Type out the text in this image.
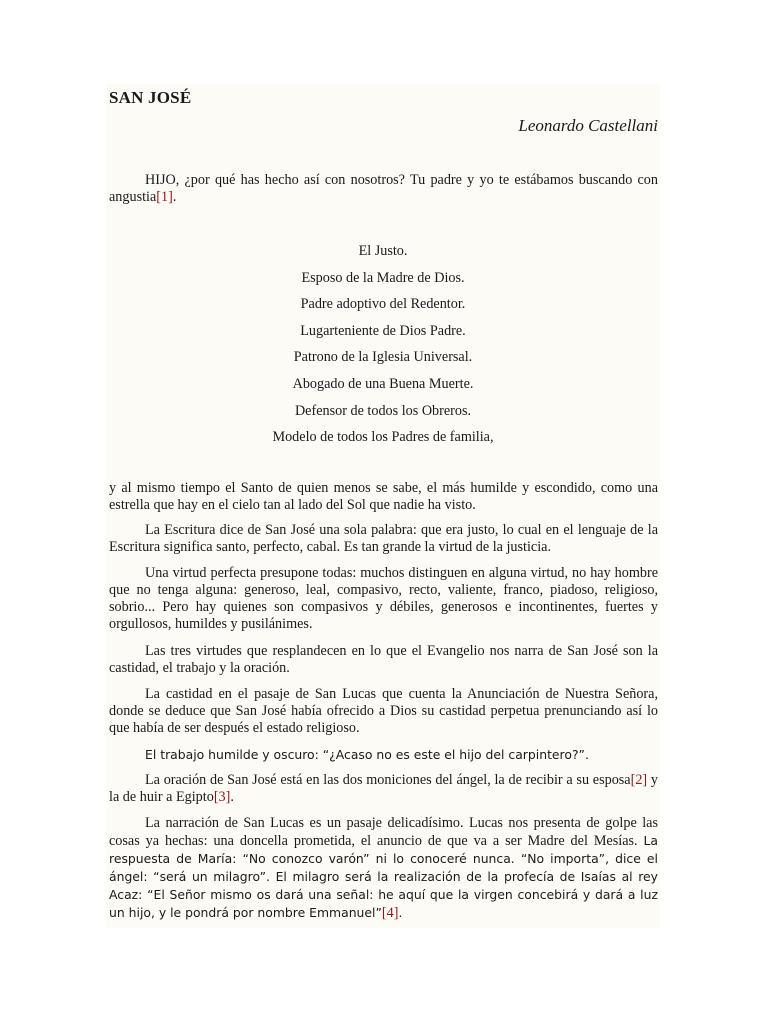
SAN JOSÉ
Leonardo Castellani
HIJO, ¿por qué has hecho así con nosotros? Tu padre y yo te estábamos buscando con angustia[1].
El Justo.
Esposo de la Madre de Dios.
Padre adoptivo del Redentor.
Lugarteniente de Dios Padre.
Patrono de la Iglesia Universal.
Abogado de una Buena Muerte.
Defensor de todos los Obreros.
Modelo de todos los Padres de familia,
y al mismo tiempo el Santo de quien menos se sabe, el más humilde y escondido, como una estrella que hay en el cielo tan al lado del Sol que nadie ha visto.
La Escritura dice de San José una sola palabra: que era justo, lo cual en el lenguaje de la Escritura significa santo, perfecto, cabal. Es tan grande la virtud de la justicia.
Una virtud perfecta presupone todas: muchos distinguen en alguna virtud, no hay hombre que no tenga alguna: generoso, leal, compasivo, recto, valiente, franco, piadoso, religioso, sobrio... Pero hay quienes son compasivos y débiles, generosos e incontinentes, fuertes y orgullosos, humildes y pusilánimes.
Las tres virtudes que resplandecen en lo que el Evangelio nos narra de San José son la castidad, el trabajo y la oración.
La castidad en el pasaje de San Lucas que cuenta la Anunciación de Nuestra Señora, donde se deduce que San José había ofrecido a Dios su castidad perpetua prenunciando así lo que había de ser después el estado religioso.
El trabajo humilde y oscuro: “¿Acaso no es este el hijo del carpintero?”.
La oración de San José está en las dos moniciones del ángel, la de recibir a su esposa[2] y la de huir a Egipto[3].
La narración de San Lucas es un pasaje delicadísimo. Lucas nos presenta de golpe las cosas ya hechas: una doncella prometida, el anuncio de que va a ser Madre del Mesías. La respuesta de María: “No conozco varón” ni lo conoceré nunca. “No importa”, dice el ángel: “será un milagro”. El milagro será la realización de la profecía de Isaías al rey Acaz: “El Señor mismo os dará una señal: he aquí que la virgen concebirá y dará a luz un hijo, y le pondrá por nombre Emmanuel”[4].
